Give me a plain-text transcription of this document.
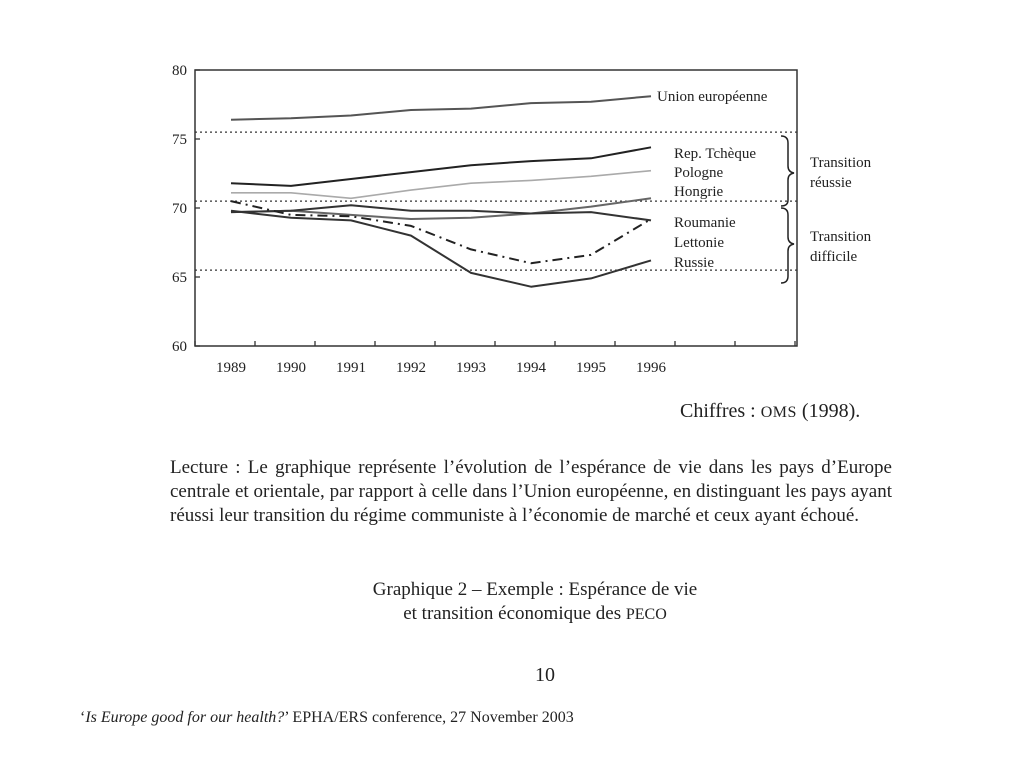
60
65
70
75
80
1989 1990 1991 1992 1993 1994 1995 1996
Union européenne
Rep. Tchèque
Pologne
Hongrie
Roumanie
Lettonie
Russie
Transition
réussie
Transition
difficile
Chiffres : OMS (1998).
Lecture : Le graphique représente l’évolution de l’espérance de vie dans les pays d’Europe centrale et orientale, par rapport à celle dans l’Union européenne, en distinguant les pays ayant réussi leur transition du régime communiste à l’économie de marché et ceux ayant échoué.
Graphique 2 – Exemple : Espérance de vie
et transition économique des PECO
10
‘Is Europe good for our health?’ EPHA/ERS conference, 27 November 2003
